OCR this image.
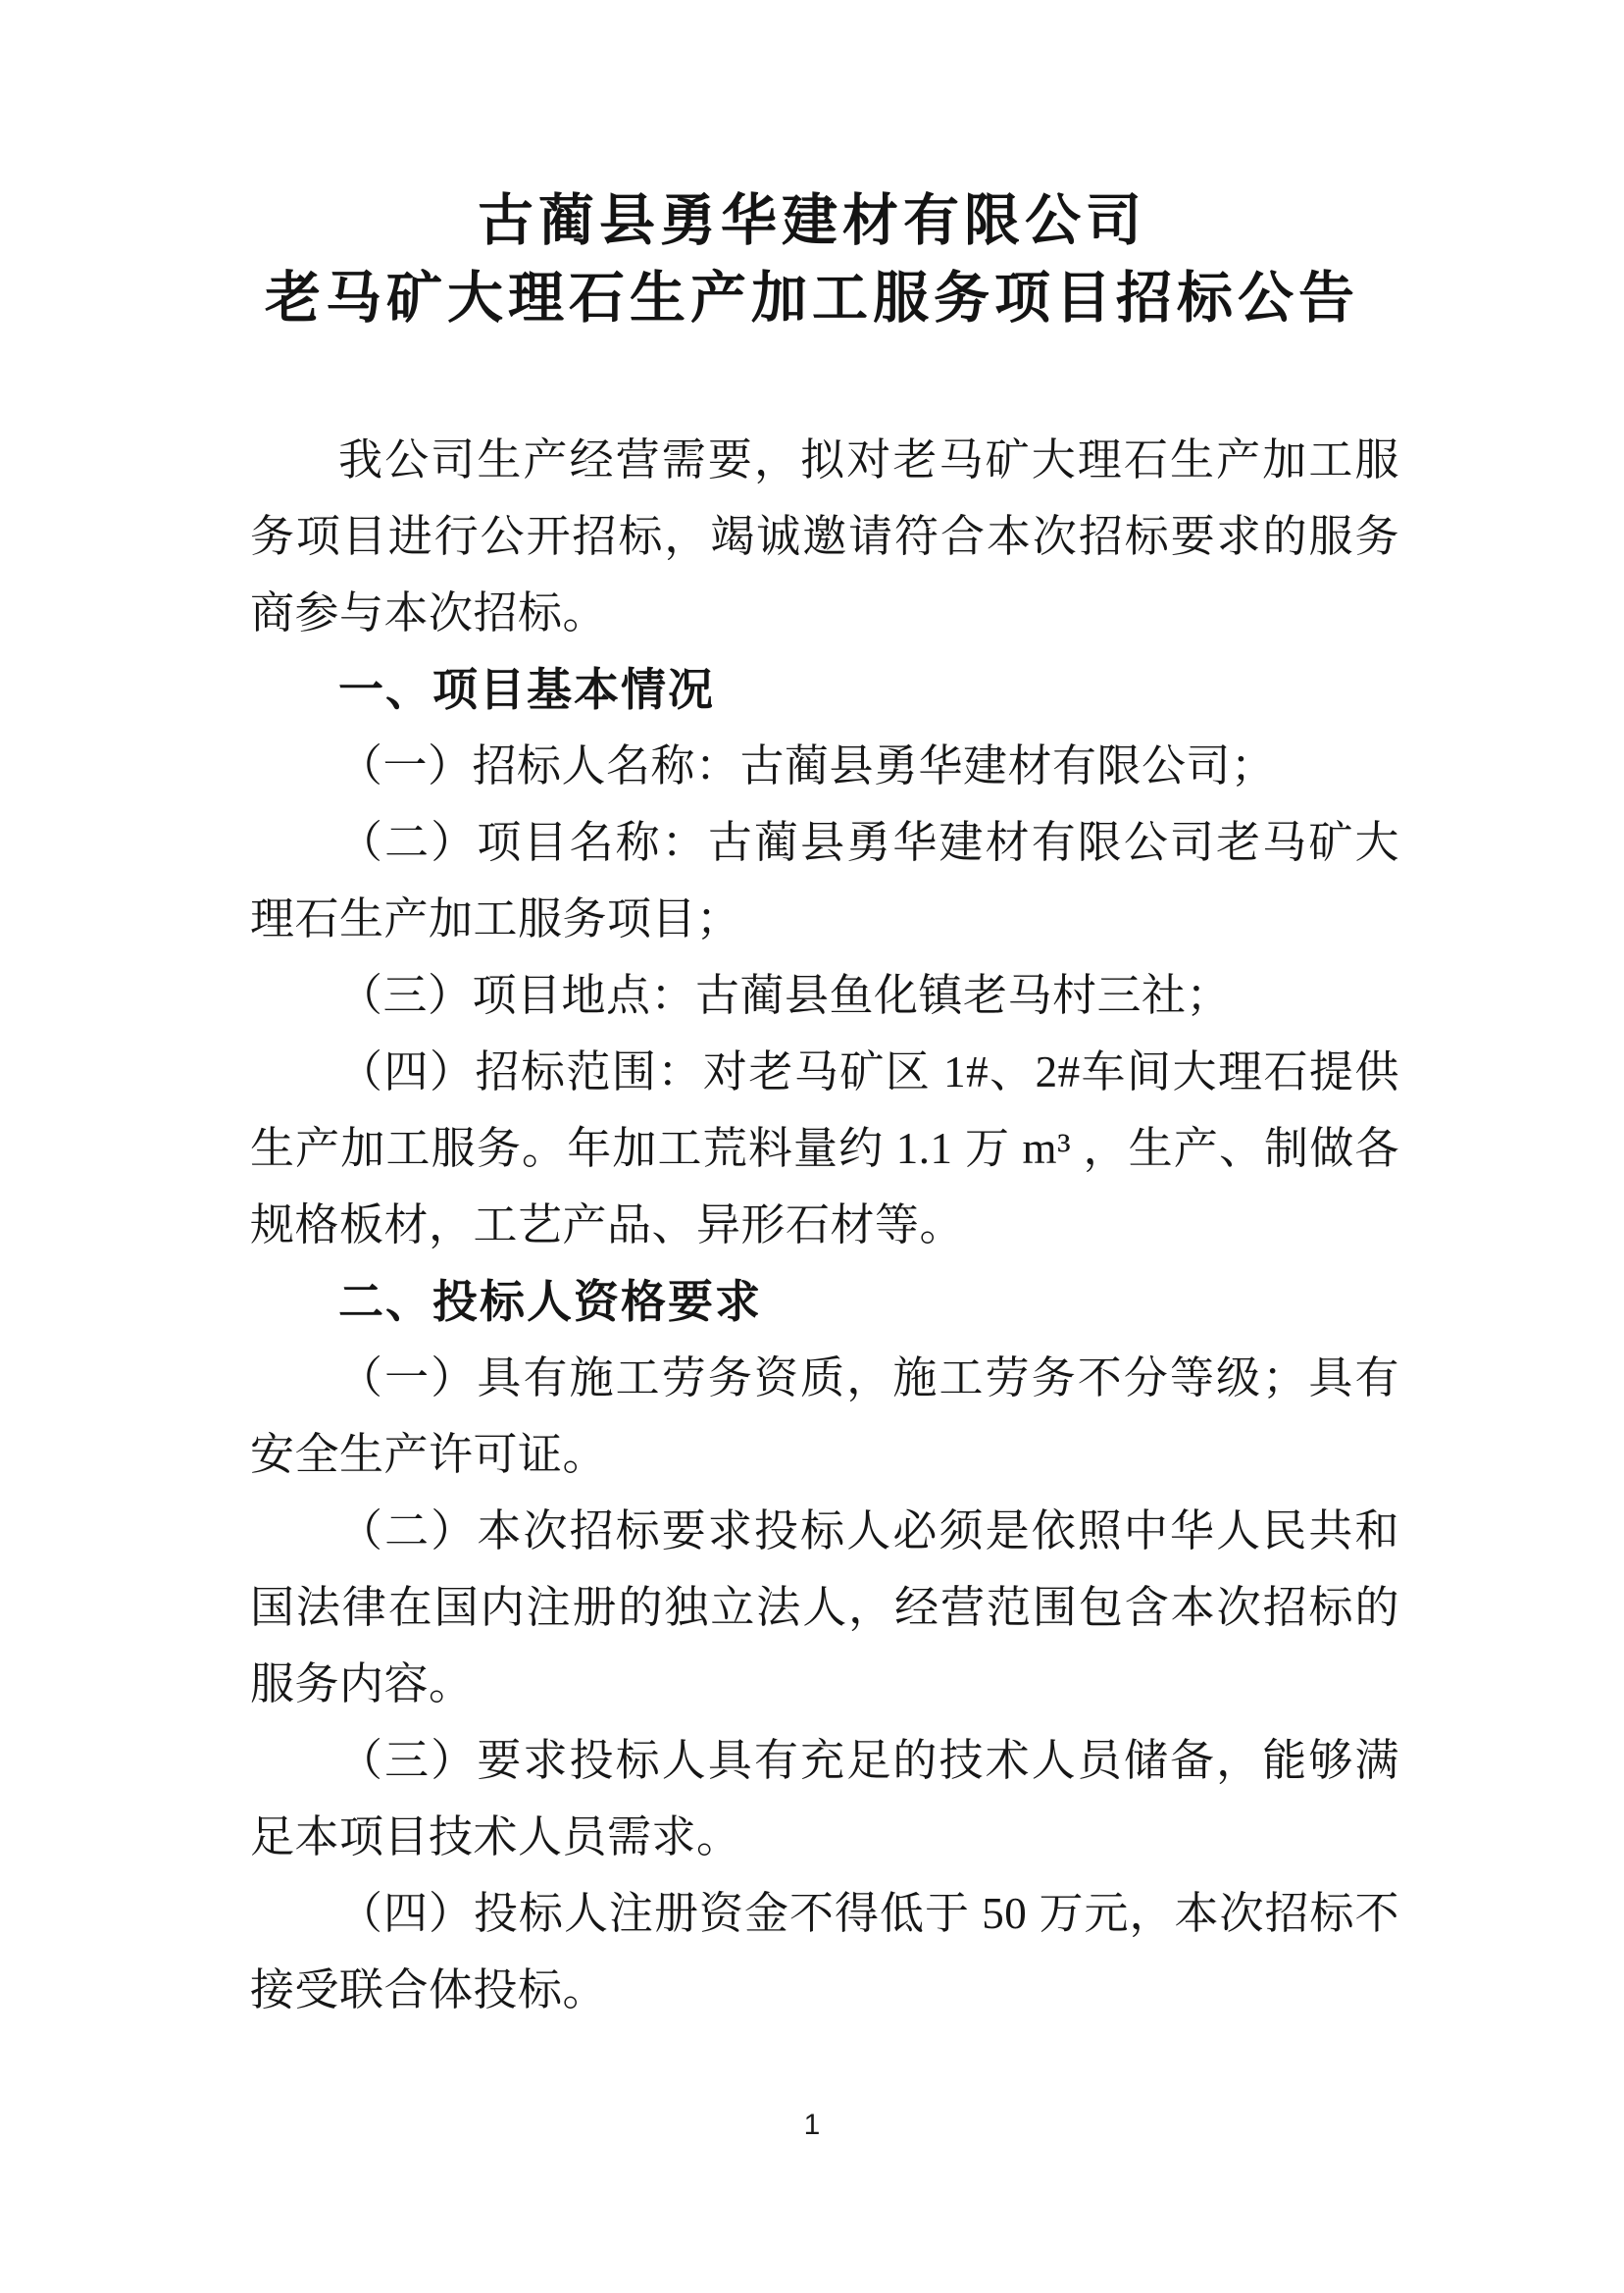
古蔺县勇华建材有限公司
老马矿大理石生产加工服务项目招标公告

我公司生产经营需要，拟对老马矿大理石生产加工服务项目进行公开招标，竭诚邀请符合本次招标要求的服务商参与本次招标。

一、项目基本情况

（一）招标人名称：古蔺县勇华建材有限公司；

（二）项目名称：古蔺县勇华建材有限公司老马矿大理石生产加工服务项目；

（三）项目地点：古蔺县鱼化镇老马村三社；

（四）招标范围：对老马矿区 1#、2#车间大理石提供生产加工服务。年加工荒料量约 1.1 万 m³ ，生产、制做各规格板材，工艺产品、异形石材等。

二、投标人资格要求

（一）具有施工劳务资质，施工劳务不分等级；具有安全生产许可证。

（二）本次招标要求投标人必须是依照中华人民共和国法律在国内注册的独立法人，经营范围包含本次招标的服务内容。

（三）要求投标人具有充足的技术人员储备，能够满足本项目技术人员需求。

（四）投标人注册资金不得低于 50 万元，本次招标不接受联合体投标。

1
